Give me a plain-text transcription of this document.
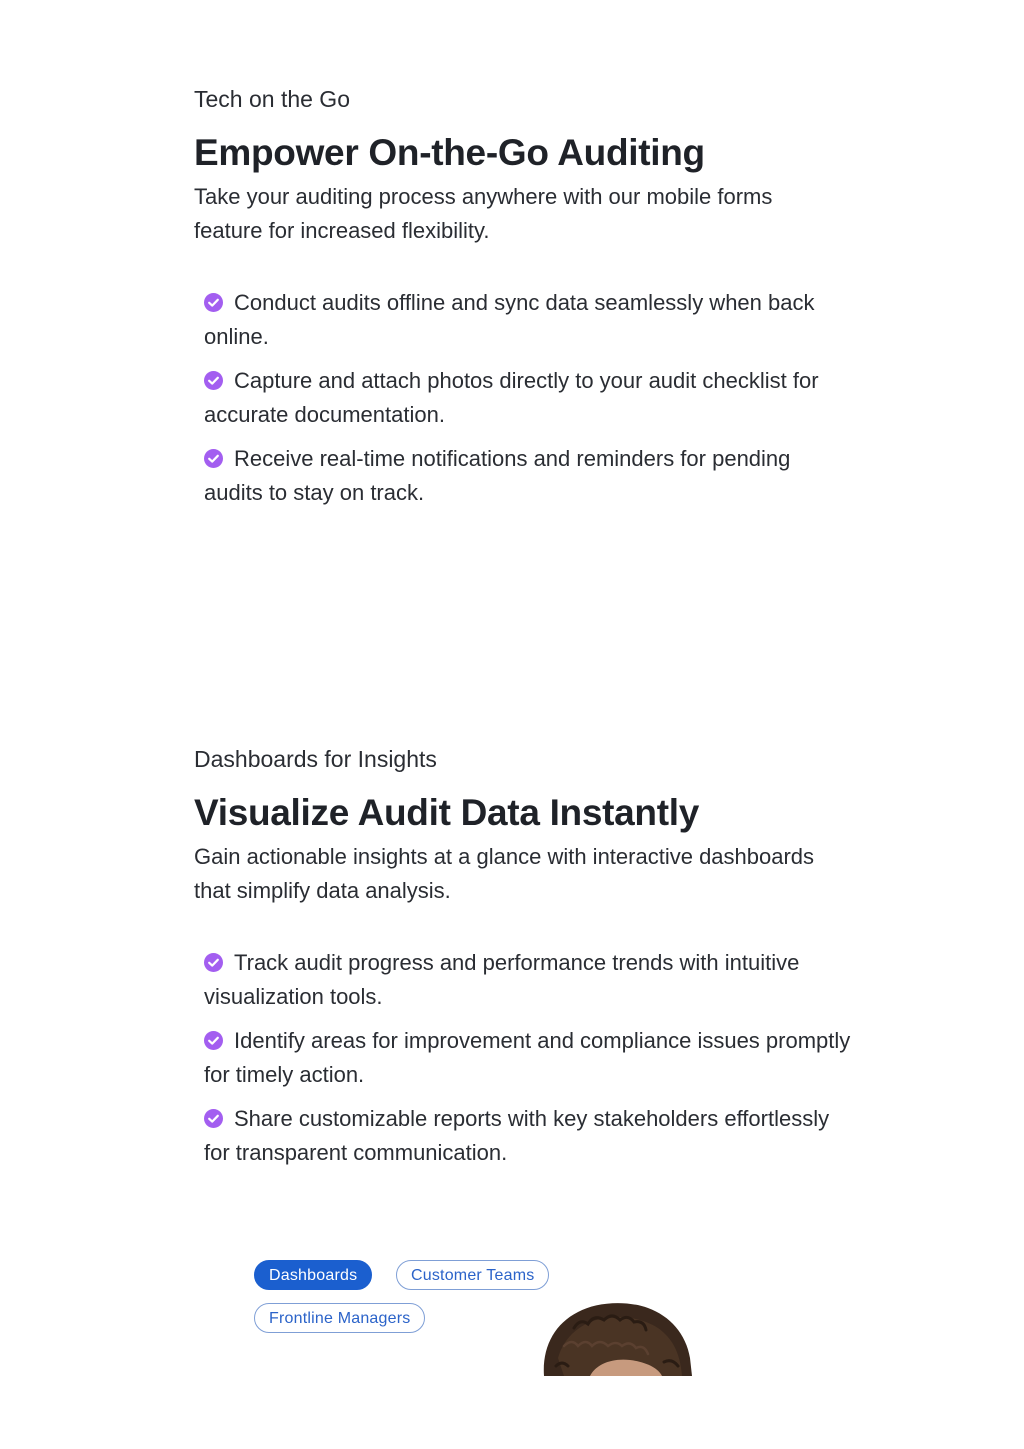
Tech on the Go

Empower On-the-Go Auditing

Take your auditing process anywhere with our mobile forms feature for increased flexibility.

Conduct audits offline and sync data seamlessly when back online.
Capture and attach photos directly to your audit checklist for accurate documentation.
Receive real-time notifications and reminders for pending audits to stay on track.

Dashboards for Insights

Visualize Audit Data Instantly

Gain actionable insights at a glance with interactive dashboards that simplify data analysis.

Track audit progress and performance trends with intuitive visualization tools.
Identify areas for improvement and compliance issues promptly for timely action.
Share customizable reports with key stakeholders effortlessly for transparent communication.
Dashboards	Customer Teams
Frontline Managers
